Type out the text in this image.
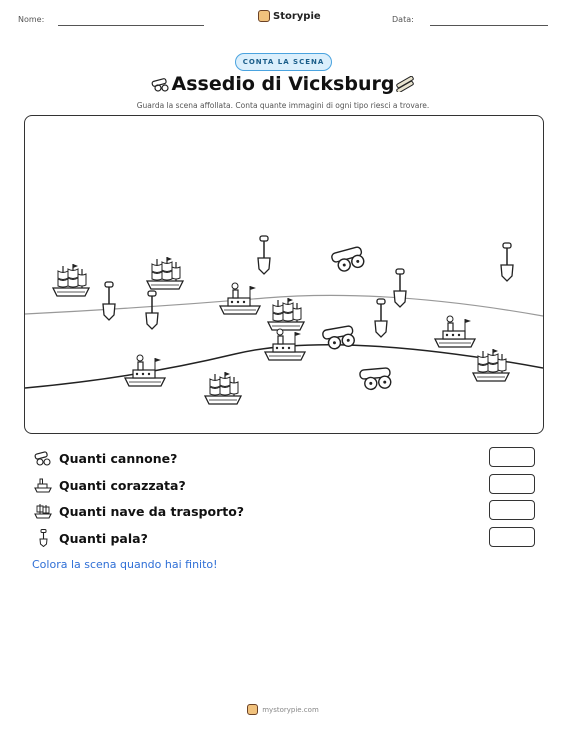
Nome:	Storypie	Data:
CONTA LA SCENA
Assedio di Vicksburg
Guarda la scena affollata. Conta quante immagini di ogni tipo riesci a trovare.
Quanti cannone?
Quanti corazzata?
Quanti nave da trasporto?
Quanti pala?
Colora la scena quando hai finito!
mystorypie.com
